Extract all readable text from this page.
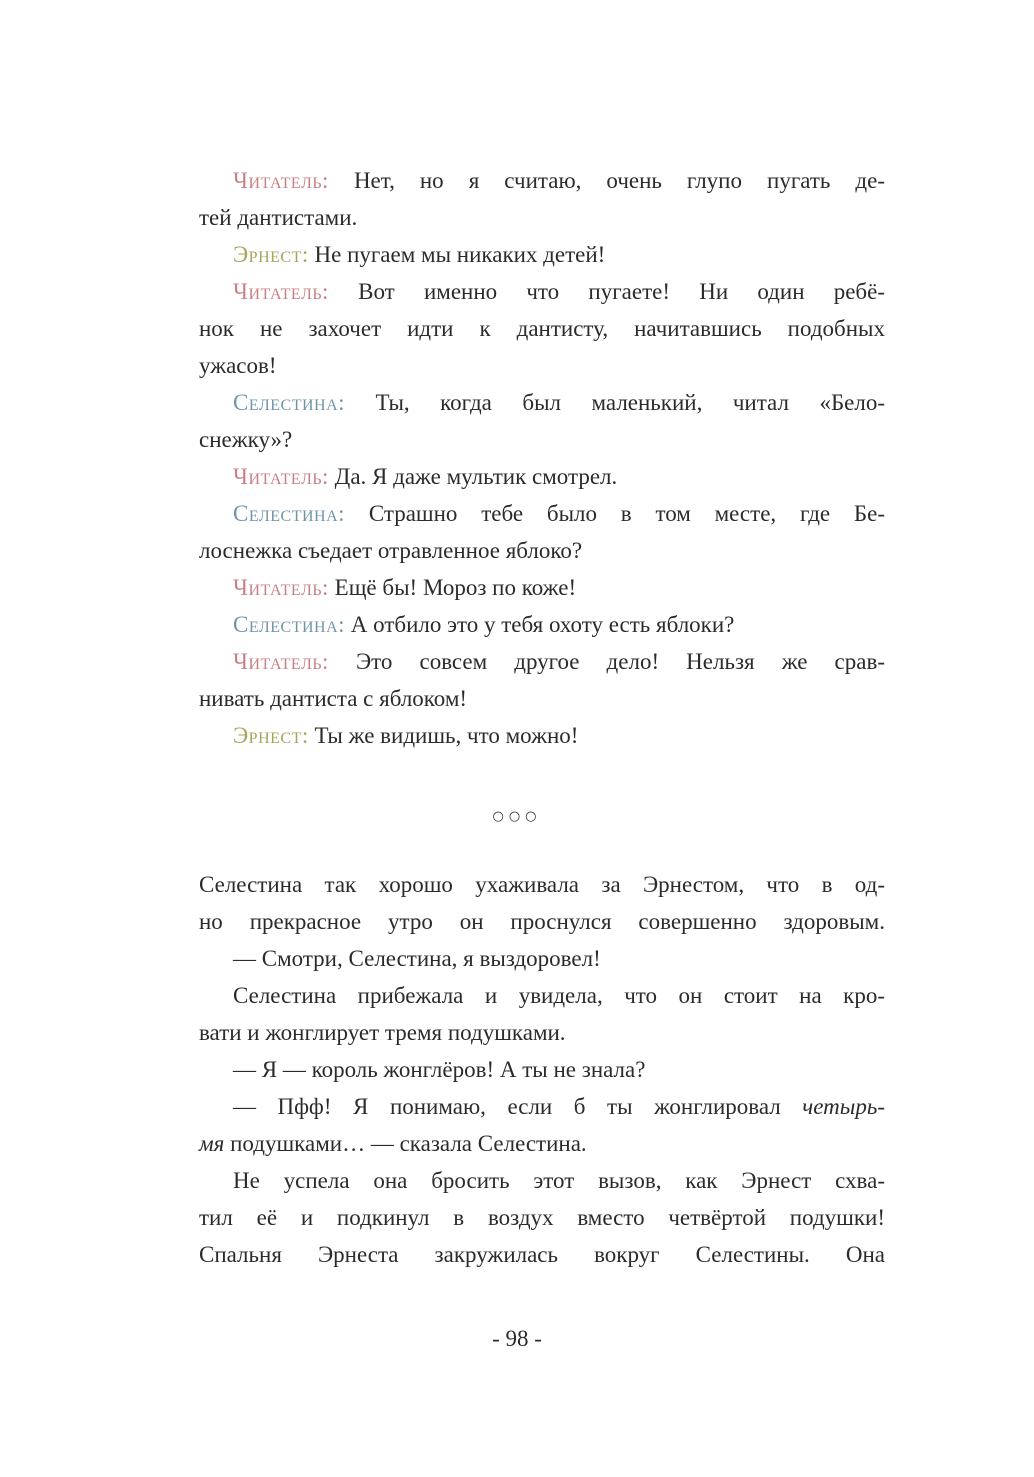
Читатель: Нет, но я считаю, очень глупо пугать де-
тей дантистами.
Эрнест: Не пугаем мы никаких детей!
Читатель: Вот именно что пугаете! Ни один ребё-
нок не захочет идти к дантисту, начитавшись подобных
ужасов!
Селестина: Ты, когда был маленький, читал «Бело-
снежку»?
Читатель: Да. Я даже мультик смотрел.
Селестина: Страшно тебе было в том месте, где Бе-
лоснежка съедает отравленное яблоко?
Читатель: Ещё бы! Мороз по коже!
Селестина: А отбило это у тебя охоту есть яблоки?
Читатель: Это совсем другое дело! Нельзя же срав-
нивать дантиста с яблоком!
Эрнест: Ты же видишь, что можно!
○○○
Селестина так хорошо ухаживала за Эрнестом, что в од-
но прекрасное утро он проснулся совершенно здоровым.
— Смотри, Селестина, я выздоровел!
Селестина прибежала и увидела, что он стоит на кро-
вати и жонглирует тремя подушками.
— Я — король жонглёров! А ты не знала?
— Пфф! Я понимаю, если б ты жонглировал четырь-
мя подушками… — сказала Селестина.
Не успела она бросить этот вызов, как Эрнест схва-
тил её и подкинул в воздух вместо четвёртой подушки!
Спальня Эрнеста закружилась вокруг Селестины. Она
- 98 -
